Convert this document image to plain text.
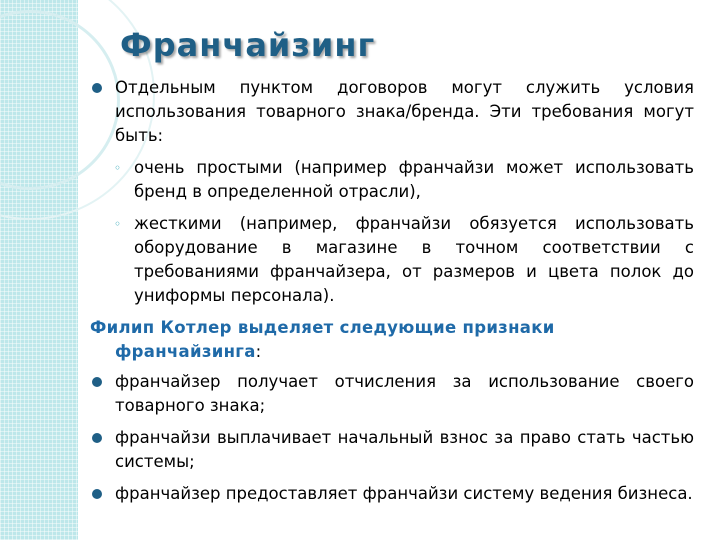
Франчайзинг
Отдельным пунктом договоров могут служить условия использования товарного знака/бренда. Эти требования могут быть:
◦ очень простыми (например франчайзи может использовать бренд в определенной отрасли),
◦ жесткими (например, франчайзи обязуется использовать оборудование в магазине в точном соответствии с требованиями франчайзера, от размеров и цвета полок до униформы персонала).
Филип Котлер выделяет следующие признаки
франчайзинга:
франчайзер получает отчисления за использование своего товарного знака;
франчайзи выплачивает начальный взнос за право стать частью системы;
франчайзер предоставляет франчайзи систему ведения бизнеса.
